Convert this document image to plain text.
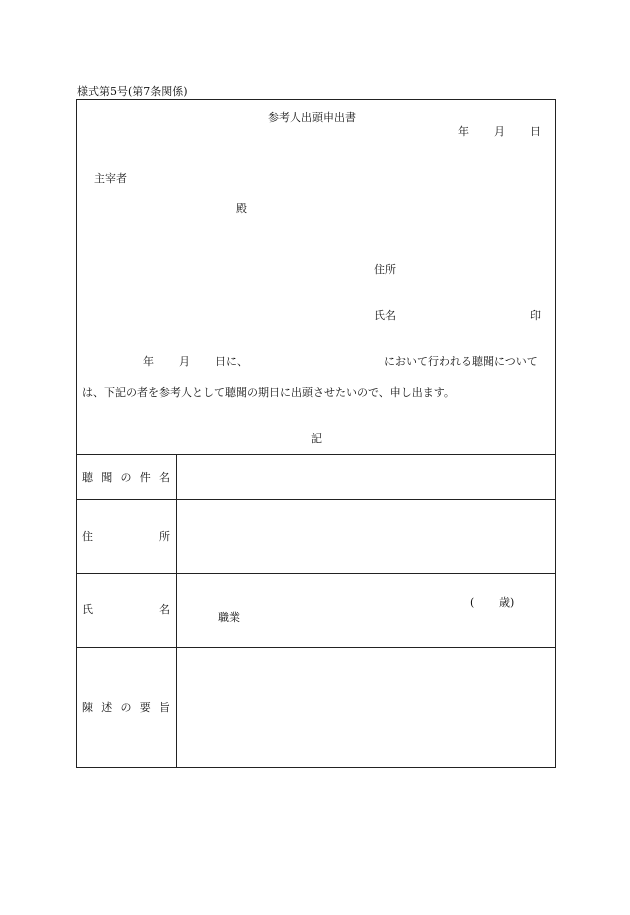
様式第5号(第7条関係)
参考人出頭申出書
年 月 日
主宰者
殿
住所
氏名	印
年 月 日に、	において行われる聴聞について
は、下記の者を参考人として聴聞の期日に出頭させたいので、申し出ます。
記
聴 聞 の 件 名
住	所
氏	名
( 歳)
職業
陳 述 の 要 旨
